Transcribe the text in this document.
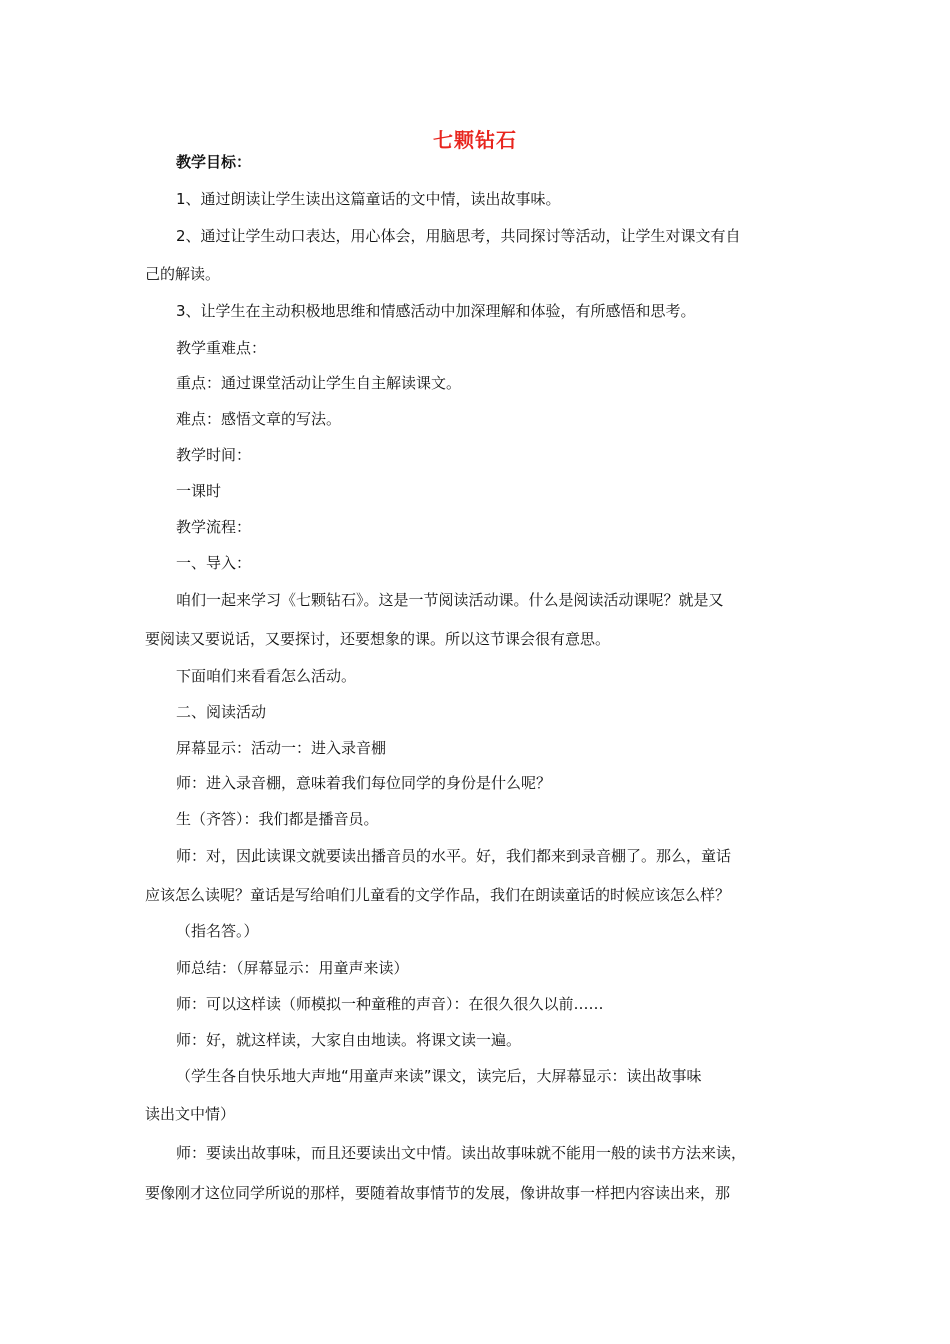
七颗钻石
教学目标：
1、通过朗读让学生读出这篇童话的文中情，读出故事味。
2、通过让学生动口表达，用心体会，用脑思考，共同探讨等活动，让学生对课文有自
己的解读。
3、让学生在主动积极地思维和情感活动中加深理解和体验，有所感悟和思考。
教学重难点：
重点：通过课堂活动让学生自主解读课文。
难点：感悟文章的写法。
教学时间：
一课时
教学流程：
一、导入：
咱们一起来学习《七颗钻石》。这是一节阅读活动课。什么是阅读活动课呢？就是又
要阅读又要说话，又要探讨，还要想象的课。所以这节课会很有意思。
下面咱们来看看怎么活动。
二、阅读活动
屏幕显示：活动一：进入录音棚
师：进入录音棚，意味着我们每位同学的身份是什么呢？
生（齐答）：我们都是播音员。
师：对，因此读课文就要读出播音员的水平。好，我们都来到录音棚了。那么，童话
应该怎么读呢？童话是写给咱们儿童看的文学作品，我们在朗读童话的时候应该怎么样？
（指名答。）
师总结：（屏幕显示：用童声来读）
师：可以这样读（师模拟一种童稚的声音）：在很久很久以前……
师：好，就这样读，大家自由地读。将课文读一遍。
（学生各自快乐地大声地“用童声来读”课文，读完后，大屏幕显示：读出故事味
读出文中情）
师：要读出故事味，而且还要读出文中情。读出故事味就不能用一般的读书方法来读，
要像刚才这位同学所说的那样，要随着故事情节的发展，像讲故事一样把内容读出来，那
